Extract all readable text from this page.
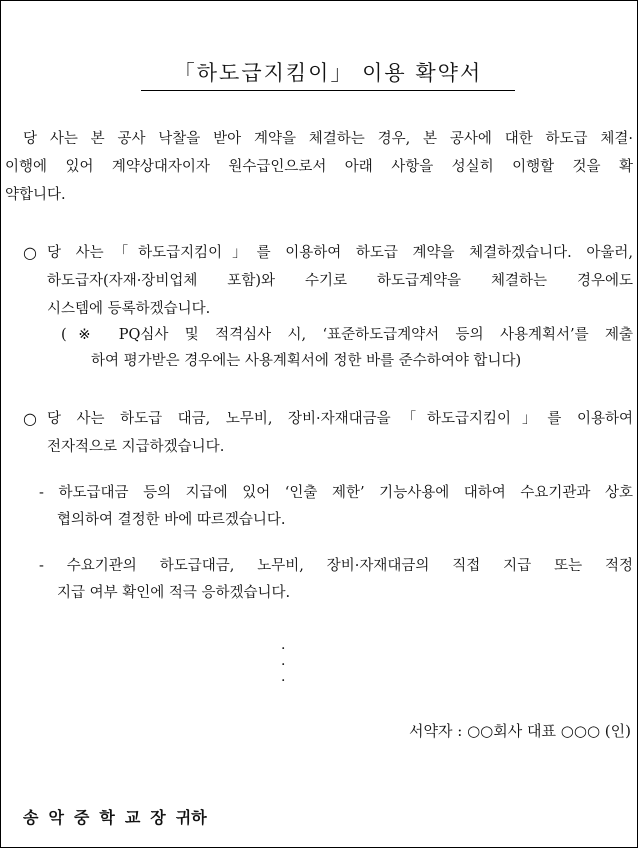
「하도급지킴이」 이용 확약서
당 사는 본 공사 낙찰을 받아 계약을 체결하는 경우, 본 공사에 대한 하도급 체결·
이행에 있어 계약상대자이자 원수급인으로서 아래 사항을 성실히 이행할 것을 확
약합니다.
○ 당 사는「하도급지킴이」를 이용하여 하도급 계약을 체결하겠습니다. 아울러,
하도급자(자재·장비업체 포함)와 수기로 하도급계약을 체결하는 경우에도
시스템에 등록하겠습니다.
(※ PQ심사 및 적격심사 시, ‘표준하도급계약서 등의 사용계획서’를 제출
하여 평가받은 경우에는 사용계획서에 정한 바를 준수하여야 합니다)
○ 당 사는 하도급 대금, 노무비, 장비·자재대금을「하도급지킴이」를 이용하여
전자적으로 지급하겠습니다.
- 하도급대금 등의 지급에 있어 ‘인출 제한’ 기능사용에 대하여 수요기관과 상호
협의하여 결정한 바에 따르겠습니다.
- 수요기관의 하도급대금, 노무비, 장비·자재대금의 직접 지급 또는 적정
지급 여부 확인에 적극 응하겠습니다.
· · ·
서약자 : ○○회사 대표 ○○○ (인)
송악중학교장귀하
